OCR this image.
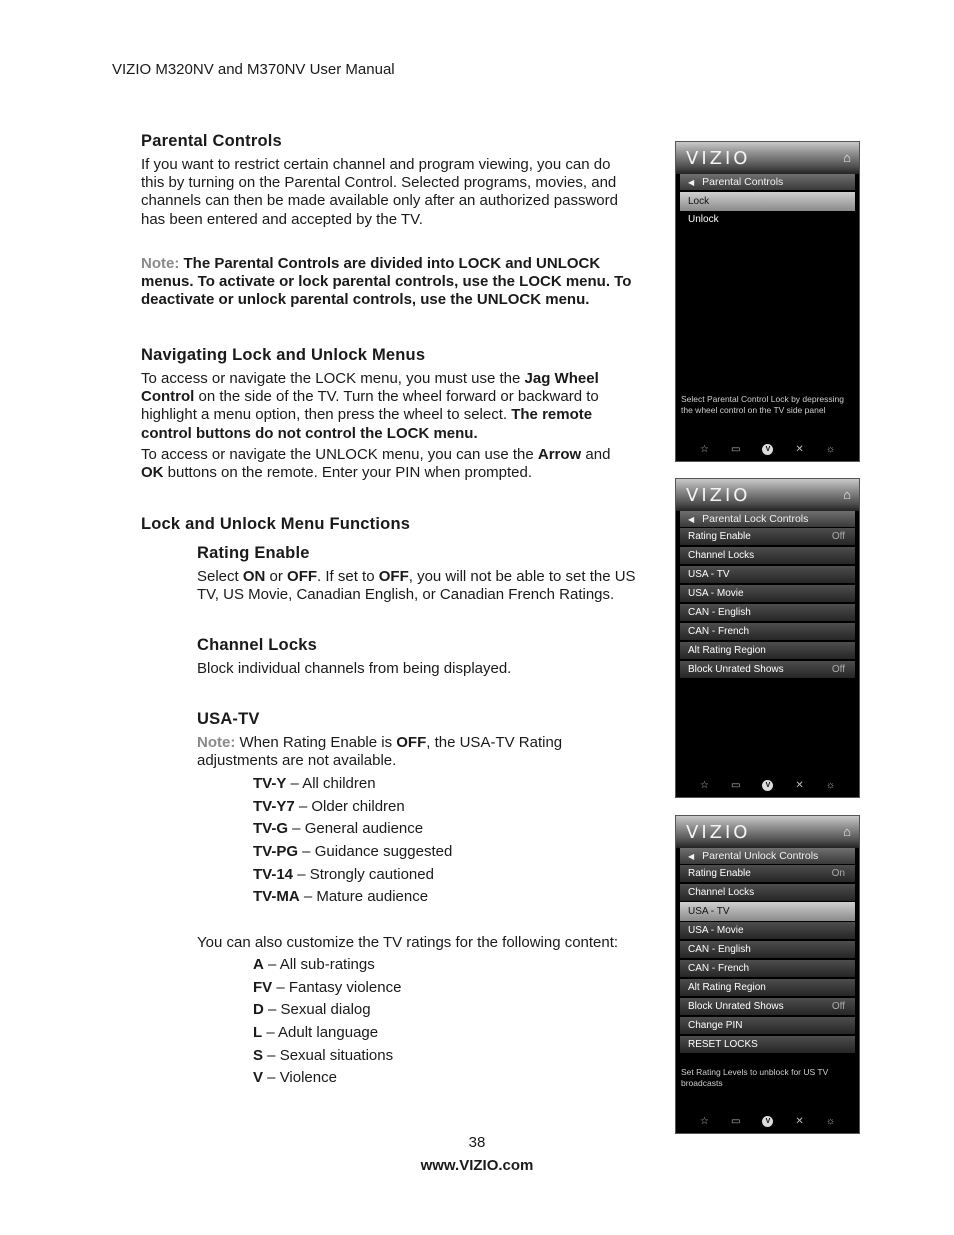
VIZIO M320NV and M370NV User Manual
Parental Controls
If you want to restrict certain channel and program viewing, you can do
this by turning on the Parental Control. Selected programs, movies, and
channels can then be made available only after an authorized password
has been entered and accepted by the TV.
Note: The Parental Controls are divided into LOCK and UNLOCK
menus. To activate or lock parental controls, use the LOCK menu. To
deactivate or unlock parental controls, use the UNLOCK menu.
Navigating Lock and Unlock Menus
To access or navigate the LOCK menu, you must use the Jag Wheel
Control on the side of the TV. Turn the wheel forward or backward to
highlight a menu option, then press the wheel to select. The remote
control buttons do not control the LOCK menu.
To access or navigate the UNLOCK menu, you can use the Arrow and
OK buttons on the remote. Enter your PIN when prompted.
Lock and Unlock Menu Functions
Rating Enable
Select ON or OFF. If set to OFF, you will not be able to set the US
TV, US Movie, Canadian English, or Canadian French Ratings.
Channel Locks
Block individual channels from being displayed.
USA-TV
Note: When Rating Enable is OFF, the USA-TV Rating
adjustments are not available.
TV-Y – All children
TV-Y7 – Older children
TV-G – General audience
TV-PG – Guidance suggested
TV-14 – Strongly cautioned
TV-MA – Mature audience
You can also customize the TV ratings for the following content:
A – All sub-ratings
FV – Fantasy violence
D – Sexual dialog
L – Adult language
S – Sexual situations
V – Violence
38
www.VIZIO.com
VIZIO	⌂
◀ Parental Controls
Lock
Unlock
Select Parental Control Lock by depressing the wheel control on the TV side panel
☆ ▭	V	✕ ☼
VIZIO	⌂
◀ Parental Lock Controls
Rating Enable	Off
Channel Locks
USA - TV
USA - Movie
CAN - English
CAN - French
Alt Rating Region
Block Unrated Shows	Off
☆ ▭	V	✕ ☼
VIZIO	⌂
◀ Parental Unlock Controls
Rating Enable	On
Channel Locks
USA - TV
USA - Movie
CAN - English
CAN - French
Alt Rating Region
Block Unrated Shows	Off
Change PIN
RESET LOCKS
Set Rating Levels to unblock for US TV broadcasts
☆ ▭	V	✕ ☼
